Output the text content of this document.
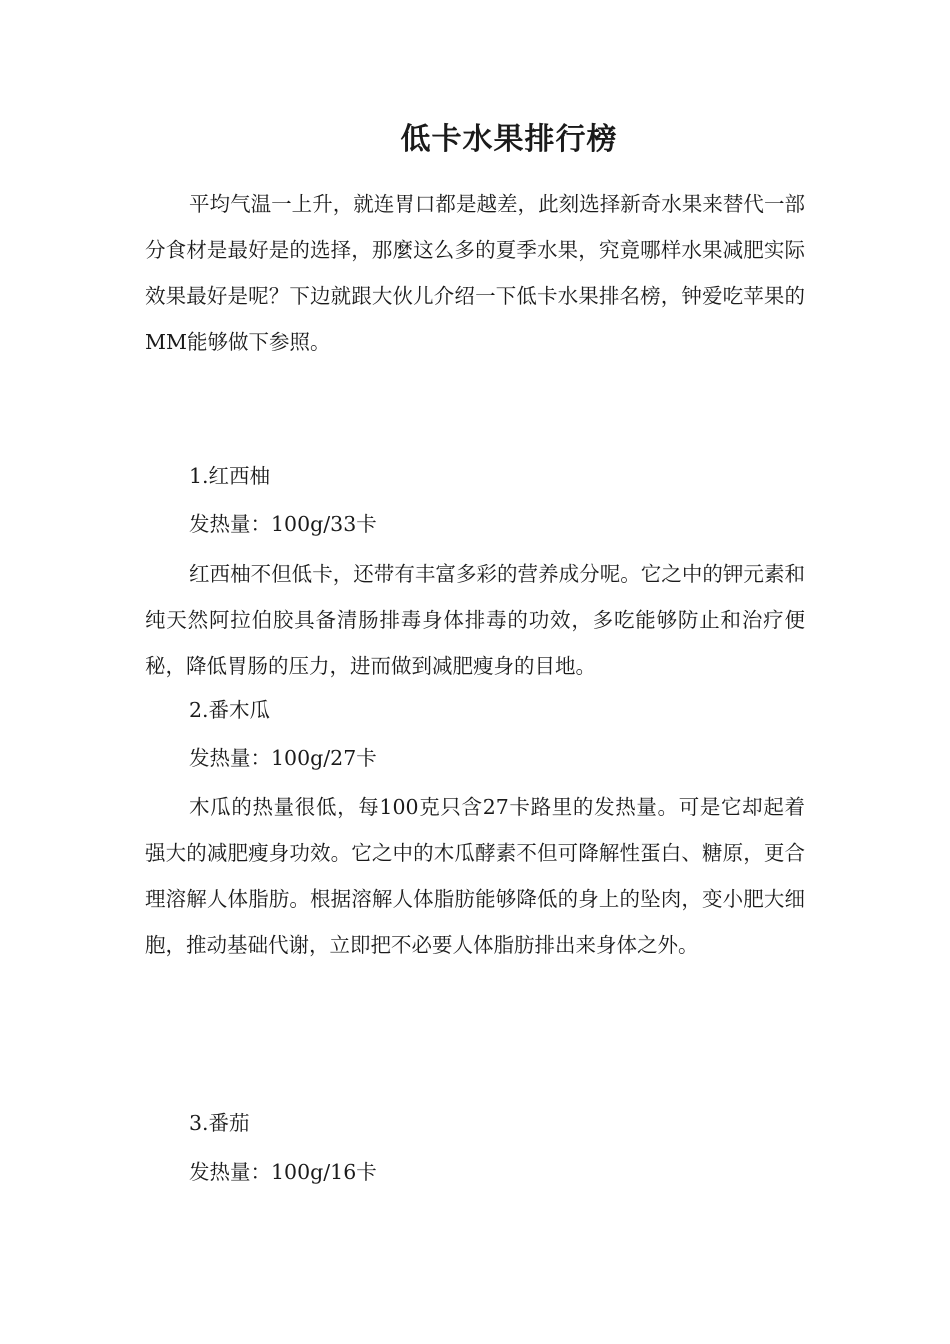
低卡水果排行榜

平均气温一上升，就连胃口都是越差，此刻选择新奇水果来替代一部分食材是最好是的选择，那麼这么多的夏季水果，究竟哪样水果减肥实际效果最好是呢？下边就跟大伙儿介绍一下低卡水果排名榜，钟爱吃苹果的MM能够做下参照。

1.红西柚

发热量：100g/33卡

红西柚不但低卡，还带有丰富多彩的营养成分呢。它之中的钾元素和纯天然阿拉伯胶具备清肠排毒身体排毒的功效，多吃能够防止和治疗便秘，降低胃肠的压力，进而做到减肥瘦身的目地。

2.番木瓜

发热量：100g/27卡

木瓜的热量很低，每100克只含27卡路里的发热量。可是它却起着强大的减肥瘦身功效。它之中的木瓜酵素不但可降解性蛋白、糖原，更合理溶解人体脂肪。根据溶解人体脂肪能够降低的身上的坠肉，变小肥大细胞，推动基础代谢，立即把不必要人体脂肪排出来身体之外。

3.番茄

发热量：100g/16卡
